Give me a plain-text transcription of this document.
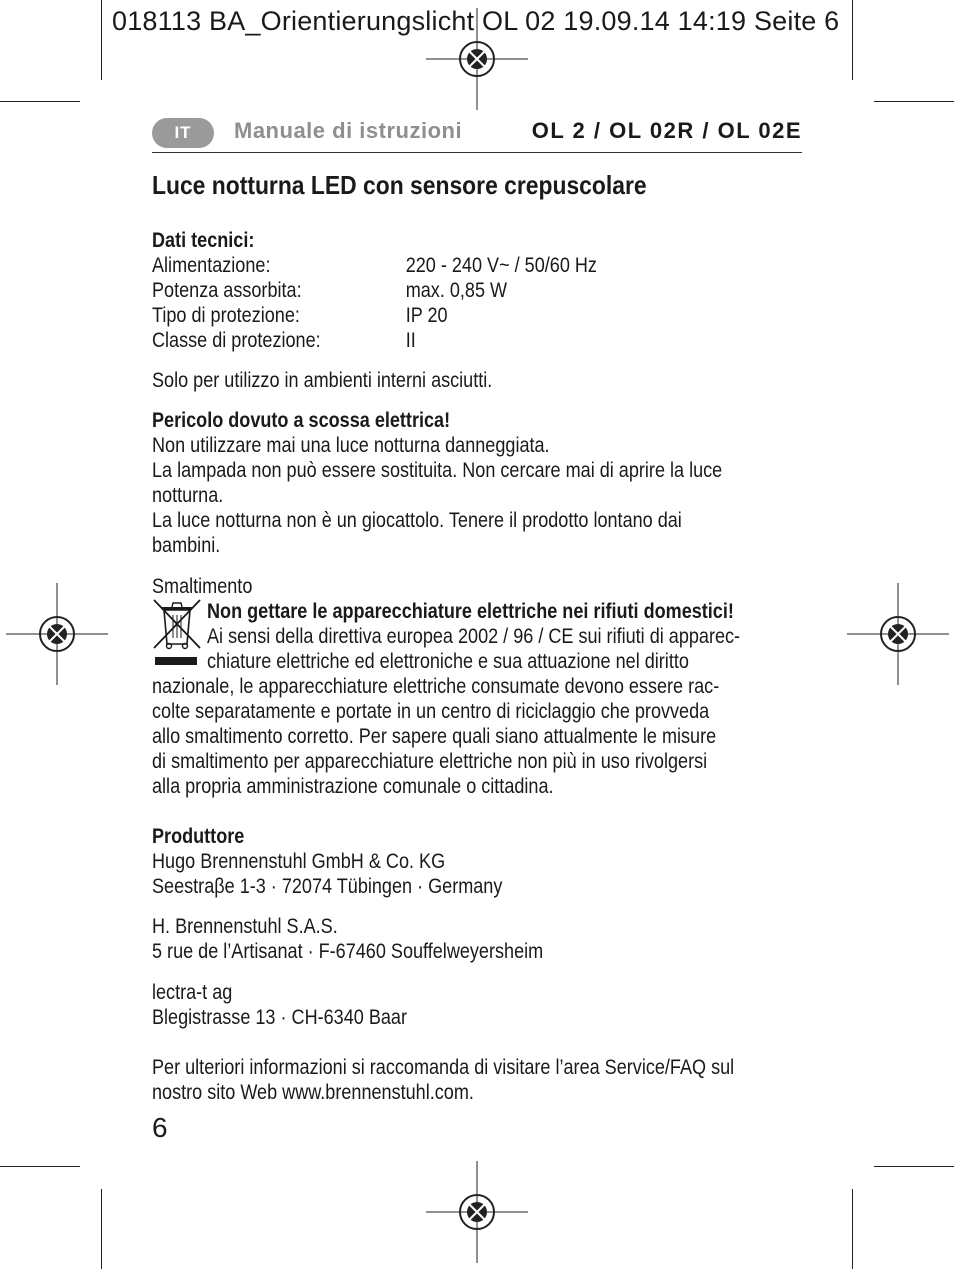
018113 BA_Orientierungslicht OL 02 19.09.14 14:19 Seite 6
IT	Manuale di istruzioni	OL 2 / OL 02R / OL 02E
Luce notturna LED con sensore crepuscolare
Dati tecnici:
Alimentazione:	220 - 240 V~ / 50/60 Hz
Potenza assorbita:	max. 0,85 W
Tipo di protezione:	IP 20
Classe di protezione:	II
Solo per utilizzo in ambienti interni asciutti.
Pericolo dovuto a scossa elettrica!
Non utilizzare mai una luce notturna danneggiata.
La lampada non può essere sostituita. Non cercare mai di aprire la luce
notturna.
La luce notturna non è un giocattolo. Tenere il prodotto lontano dai
bambini.
Smaltimento
Non gettare le apparecchiature elettriche nei rifiuti domestici!
Ai sensi della direttiva europea 2002 / 96 / CE sui rifiuti di apparec-
chiature elettriche ed elettroniche e sua attuazione nel diritto
nazionale, le apparecchiature elettriche consumate devono essere rac-
colte separatamente e portate in un centro di riciclaggio che provveda
allo smaltimento corretto. Per sapere quali siano attualmente le misure
di smaltimento per apparecchiature elettriche non più in uso rivolgersi
alla propria amministrazione comunale o cittadina.
Produttore
Hugo Brennenstuhl GmbH & Co. KG
Seestraβe 1-3 · 72074 Tübingen · Germany
H. Brennenstuhl S.A.S.
5 rue de l’Artisanat · F-67460 Souffelweyersheim
lectra-t ag
Blegistrasse 13 · CH-6340 Baar
Per ulteriori informazioni si raccomanda di visitare l’area Service/FAQ sul
nostro sito Web www.brennenstuhl.com.
6
